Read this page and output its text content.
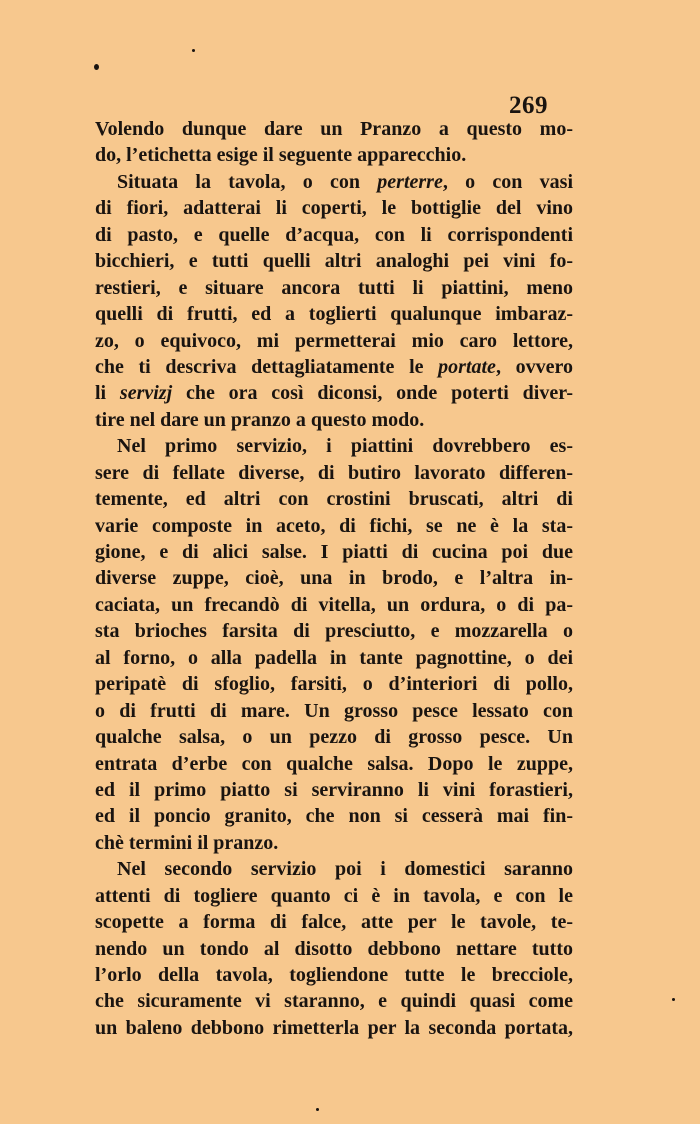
269
Volendo dunque dare un Pranzo a questo mo-
do, l’etichetta esige il seguente apparecchio.
Situata la tavola, o con perterre, o con vasi
di fiori, adatterai li coperti, le bottiglie del vino
di pasto, e quelle d’acqua, con li corrispondenti
bicchieri, e tutti quelli altri analoghi pei vini fo-
restieri, e situare ancora tutti li piattini, meno
quelli di frutti, ed a toglierti qualunque imbaraz-
zo, o equivoco, mi permetterai mio caro lettore,
che ti descriva dettagliatamente le portate, ovvero
li servizj che ora così diconsi, onde poterti diver-
tire nel dare un pranzo a questo modo.
Nel primo servizio, i piattini dovrebbero es-
sere di fellate diverse, di butiro lavorato differen-
temente, ed altri con crostini bruscati, altri di
varie composte in aceto, di fichi, se ne è la sta-
gione, e di alici salse. I piatti di cucina poi due
diverse zuppe, cioè, una in brodo, e l’altra in-
caciata, un frecandò di vitella, un ordura, o di pa-
sta brioches farsita di presciutto, e mozzarella o
al forno, o alla padella in tante pagnottine, o dei
peripatè di sfoglio, farsiti, o d’interiori di pollo,
o di frutti di mare. Un grosso pesce lessato con
qualche salsa, o un pezzo di grosso pesce. Un
entrata d’erbe con qualche salsa. Dopo le zuppe,
ed il primo piatto si serviranno li vini forastieri,
ed il poncio granito, che non si cesserà mai fin-
chè termini il pranzo.
Nel secondo servizio poi i domestici saranno
attenti di togliere quanto ci è in tavola, e con le
scopette a forma di falce, atte per le tavole, te-
nendo un tondo al disotto debbono nettare tutto
l’orlo della tavola, togliendone tutte le brecciole,
che sicuramente vi staranno, e quindi quasi come
un baleno debbono rimetterla per la seconda portata,
